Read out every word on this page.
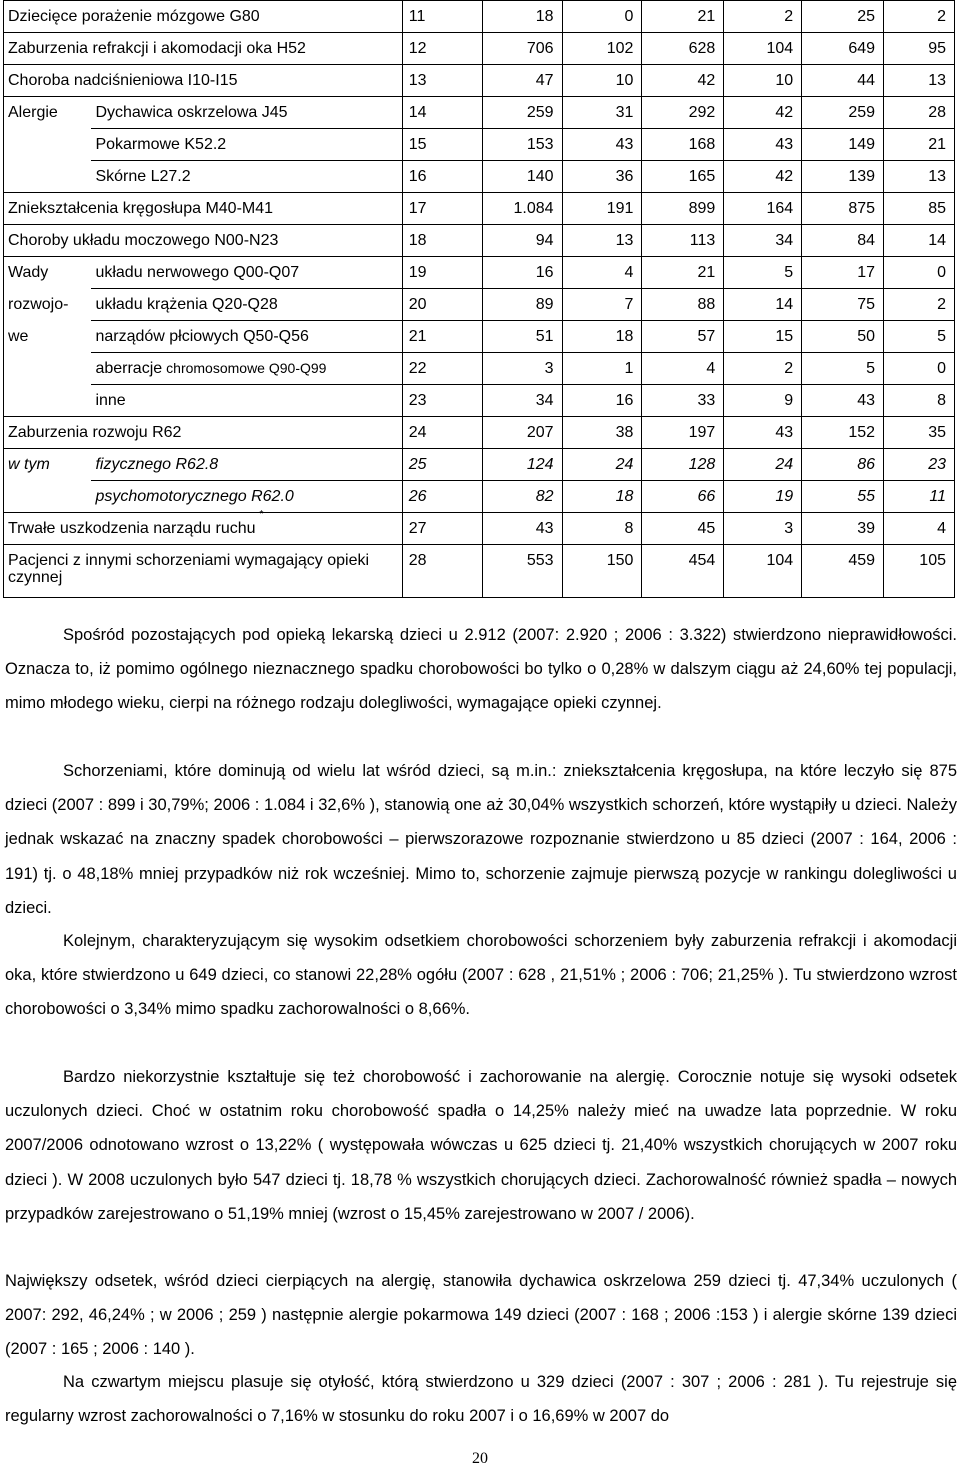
Dziecięce porażenie mózgowe G80		11	18	0	21	2	25	2

Zaburzenia refrakcji i akomodacji oka H52		12	706	102	628	104	649	95

Choroba nadciśnieniowa I10-I15		13	47	10	42	10	44	13

Alergie	Dychawica oskrzelowa J45	14	259	31	292	42	259	28

	Pokarmowe K52.2	15	153	43	168	43	149	21

	Skórne L27.2	16	140	36	165	42	139	13

Zniekształcenia kręgosłupa M40-M41		17	1.084	191	899	164	875	85

Choroby układu moczowego N00-N23		18	94	13	113	34	84	14

Wady	układu nerwowego Q00-Q07	19	16	4	21	5	17	0

rozwojo-	układu krążenia Q20-Q28	20	89	7	88	14	75	2

we	narządów płciowych Q50-Q56	21	51	18	57	15	50	5

	aberracje chromosomowe Q90-Q99	22	3	1	4	2	5	0

	inne	23	34	16	33	9	43	8

Zaburzenia rozwoju R62		24	207	38	197	43	152	35

w tym	fizycznego R62.8	25	124	24	128	24	86	23

	psychomotorycznego R62.0	26	82	18	66	19	55	11

Trwałe uszkodzenia narządu ruchu*		27	43	8	45	3	39	4

Pacjenci z innymi schorzeniami wymagający opieki czynnej		28	553	150	454	104	459	105

Spośród pozostających pod opieką lekarską dzieci u 2.912 (2007: 2.920 ; 2006 : 3.322) stwierdzono nieprawidłowości. Oznacza to, iż pomimo ogólnego nieznacznego spadku chorobowości bo tylko o 0,28% w dalszym ciągu aż 24,60% tej populacji, mimo młodego wieku, cierpi na różnego rodzaju dolegliwości, wymagające opieki czynnej.

Schorzeniami, które dominują od wielu lat wśród dzieci, są m.in.: zniekształcenia kręgosłupa, na które leczyło się 875 dzieci (2007 : 899 i 30,79%; 2006 : 1.084 i 32,6% ), stanowią one aż 30,04% wszystkich schorzeń, które wystąpiły u dzieci. Należy jednak wskazać na znaczny spadek chorobowości – pierwszorazowe rozpoznanie stwierdzono u 85 dzieci (2007 : 164, 2006 : 191) tj. o 48,18% mniej przypadków niż rok wcześniej. Mimo to, schorzenie zajmuje pierwszą pozycje w rankingu dolegliwości u dzieci.

Kolejnym, charakteryzującym się wysokim odsetkiem chorobowości schorzeniem były zaburzenia refrakcji i akomodacji oka, które stwierdzono u 649 dzieci, co stanowi 22,28% ogółu (2007 : 628 , 21,51% ; 2006 : 706; 21,25% ). Tu stwierdzono wzrost chorobowości o 3,34% mimo spadku zachorowalności o 8,66%.

Bardzo niekorzystnie kształtuje się też chorobowość i zachorowanie na alergię. Corocznie notuje się wysoki odsetek uczulonych dzieci. Choć w ostatnim roku chorobowość spadła o 14,25% należy mieć na uwadze lata poprzednie. W roku 2007/2006 odnotowano wzrost o 13,22% ( występowała wówczas u 625 dzieci tj. 21,40% wszystkich chorujących w 2007 roku dzieci ). W 2008 uczulonych było 547 dzieci tj. 18,78 % wszystkich chorujących dzieci. Zachorowalność również spadła – nowych przypadków zarejestrowano o 51,19% mniej (wzrost o 15,45% zarejestrowano w 2007 / 2006).

Największy odsetek, wśród dzieci cierpiących na alergię, stanowiła dychawica oskrzelowa 259 dzieci tj. 47,34% uczulonych ( 2007: 292, 46,24% ; w 2006 ; 259 ) następnie alergie pokarmowa 149 dzieci (2007 : 168 ; 2006 :153 ) i alergie skórne 139 dzieci (2007 : 165 ; 2006 : 140 ).

Na czwartym miejscu plasuje się otyłość, którą stwierdzono u 329 dzieci (2007 : 307 ; 2006 : 281 ). Tu rejestruje się regularny wzrost zachorowalności o 7,16% w stosunku do roku 2007 i o 16,69% w 2007 do

20
